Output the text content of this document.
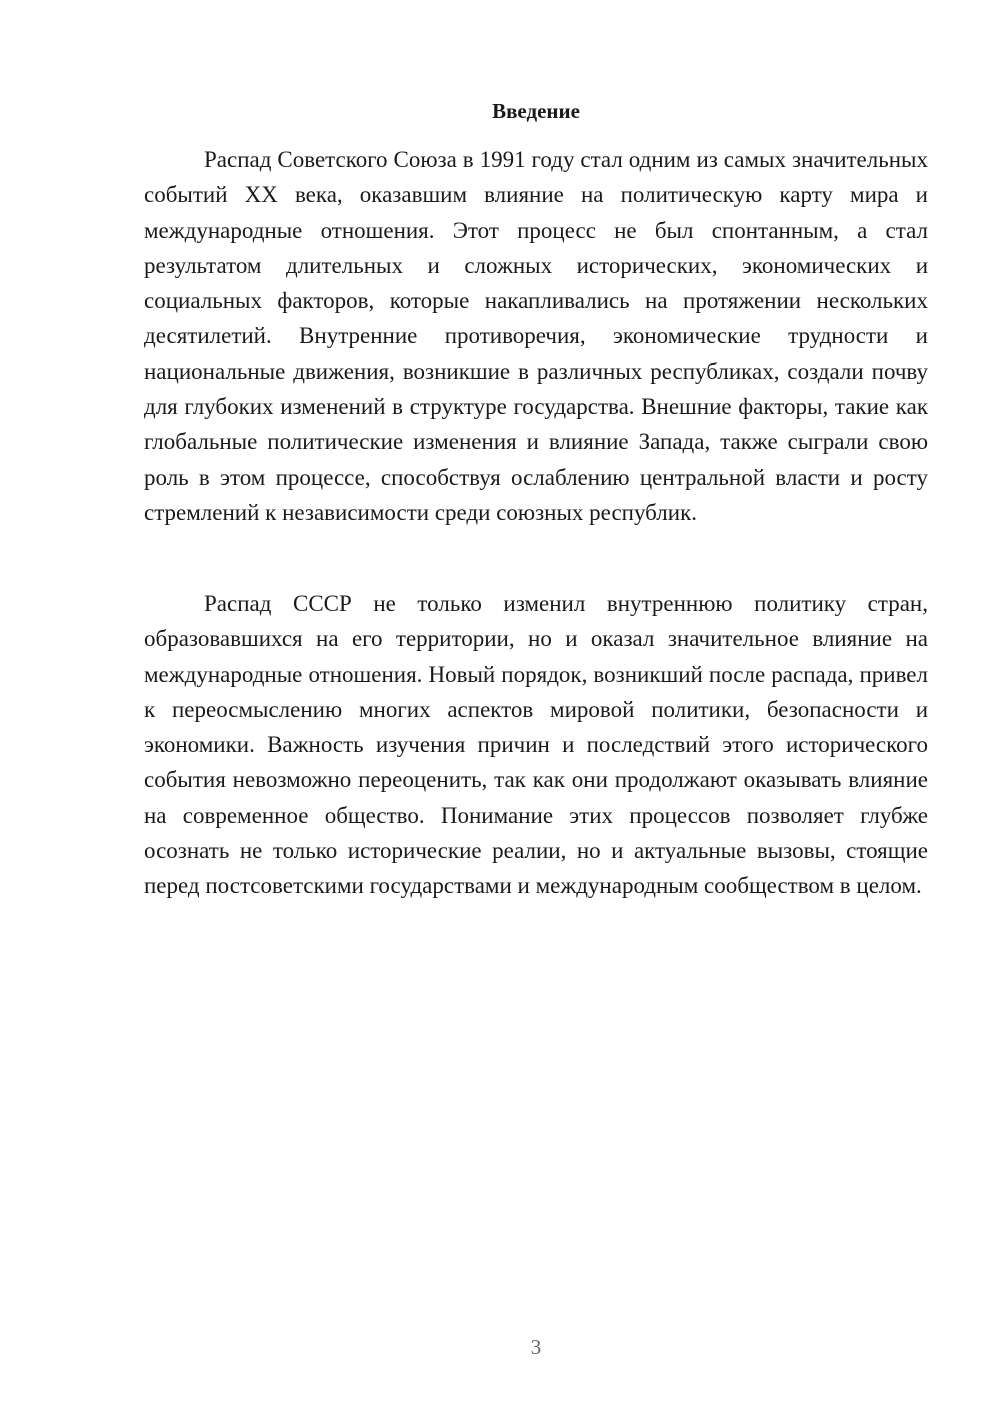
Введение

Распад Советского Союза в 1991 году стал одним из самых значительных событий XX века, оказавшим влияние на политическую карту мира и международные отношения. Этот процесс не был спонтанным, а стал результатом длительных и сложных исторических, экономических и социальных факторов, которые накапливались на протяжении нескольких десятилетий. Внутренние противоречия, экономические трудности и национальные движения, возникшие в различных республиках, создали почву для глубоких изменений в структуре государства. Внешние факторы, такие как глобальные политические изменения и влияние Запада, также сыграли свою роль в этом процессе, способствуя ослаблению центральной власти и росту стремлений к независимости среди союзных республик.

Распад СССР не только изменил внутреннюю политику стран, образовавшихся на его территории, но и оказал значительное влияние на международные отношения. Новый порядок, возникший после распада, привел к переосмыслению многих аспектов мировой политики, безопасности и экономики. Важность изучения причин и последствий этого исторического события невозможно переоценить, так как они продолжают оказывать влияние на современное общество. Понимание этих процессов позволяет глубже осознать не только исторические реалии, но и актуальные вызовы, стоящие перед постсоветскими государствами и международным сообществом в целом.

3
